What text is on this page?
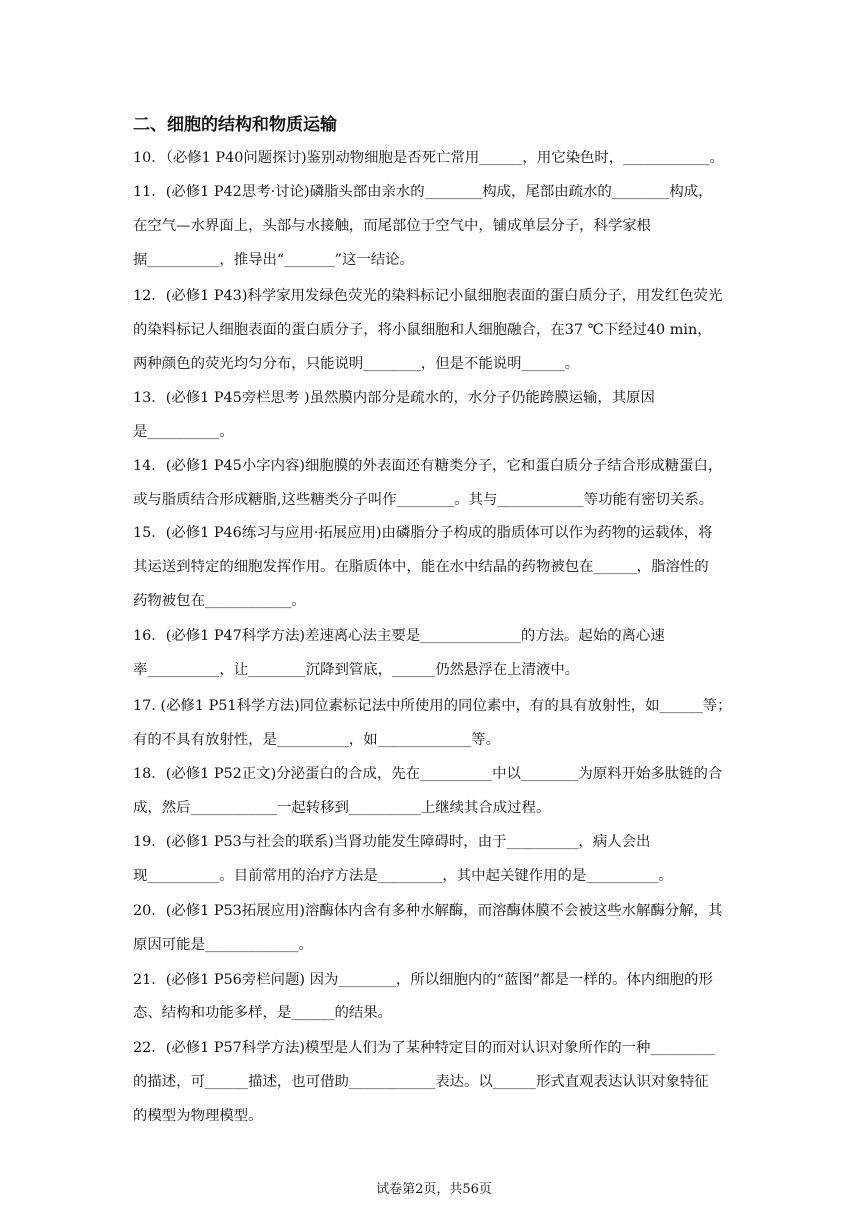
二、细胞的结构和物质运输
10．（必修1 P40问题探讨)鉴别动物细胞是否死亡常用______，用它染色时，____________。
11．(必修1 P42思考·讨论)磷脂头部由亲水的________构成，尾部由疏水的________构成，
在空气—水界面上，头部与水接触，而尾部位于空气中，铺成单层分子，科学家根
据__________，推导出“_______”这一结论。
12．(必修1 P43)科学家用发绿色荧光的染料标记小鼠细胞表面的蛋白质分子，用发红色荧光
的染料标记人细胞表面的蛋白质分子，将小鼠细胞和人细胞融合，在37 ℃下经过40 min，
两种颜色的荧光均匀分布，只能说明________，但是不能说明______。
13．(必修1 P45旁栏思考 )虽然膜内部分是疏水的，水分子仍能跨膜运输，其原因
是__________。
14．(必修1 P45小字内容)细胞膜的外表面还有糖类分子，它和蛋白质分子结合形成糖蛋白，
或与脂质结合形成糖脂,这些糖类分子叫作________。其与____________等功能有密切关系。
15．(必修1 P46练习与应用·拓展应用)由磷脂分子构成的脂质体可以作为药物的运载体，将
其运送到特定的细胞发挥作用。在脂质体中，能在水中结晶的药物被包在______，脂溶性的
药物被包在____________。
16．(必修1 P47科学方法)差速离心法主要是______________的方法。起始的离心速
率__________，让________沉降到管底，______仍然悬浮在上清液中。
17. (必修1 P51科学方法)同位素标记法中所使用的同位素中，有的具有放射性，如______等；
有的不具有放射性，是__________，如_____________等。
18．(必修1 P52正文)分泌蛋白的合成，先在__________中以________为原料开始多肽链的合
成，然后____________一起转移到__________上继续其合成过程。
19．(必修1 P53与社会的联系)当肾功能发生障碍时，由于__________，病人会出
现__________。目前常用的治疗方法是_________，其中起关键作用的是__________。
20．(必修1 P53拓展应用)溶酶体内含有多种水解酶，而溶酶体膜不会被这些水解酶分解，其
原因可能是_____________。
21．(必修1 P56旁栏问题) 因为________，所以细胞内的“蓝图”都是一样的。体内细胞的形
态、结构和功能多样，是______的结果。
22．(必修1 P57科学方法)模型是人们为了某种特定目的而对认识对象所作的一种_________
的描述，可______描述，也可借助____________表达。以______形式直观表达认识对象特征
的模型为物理模型。
试卷第2页，共56页
